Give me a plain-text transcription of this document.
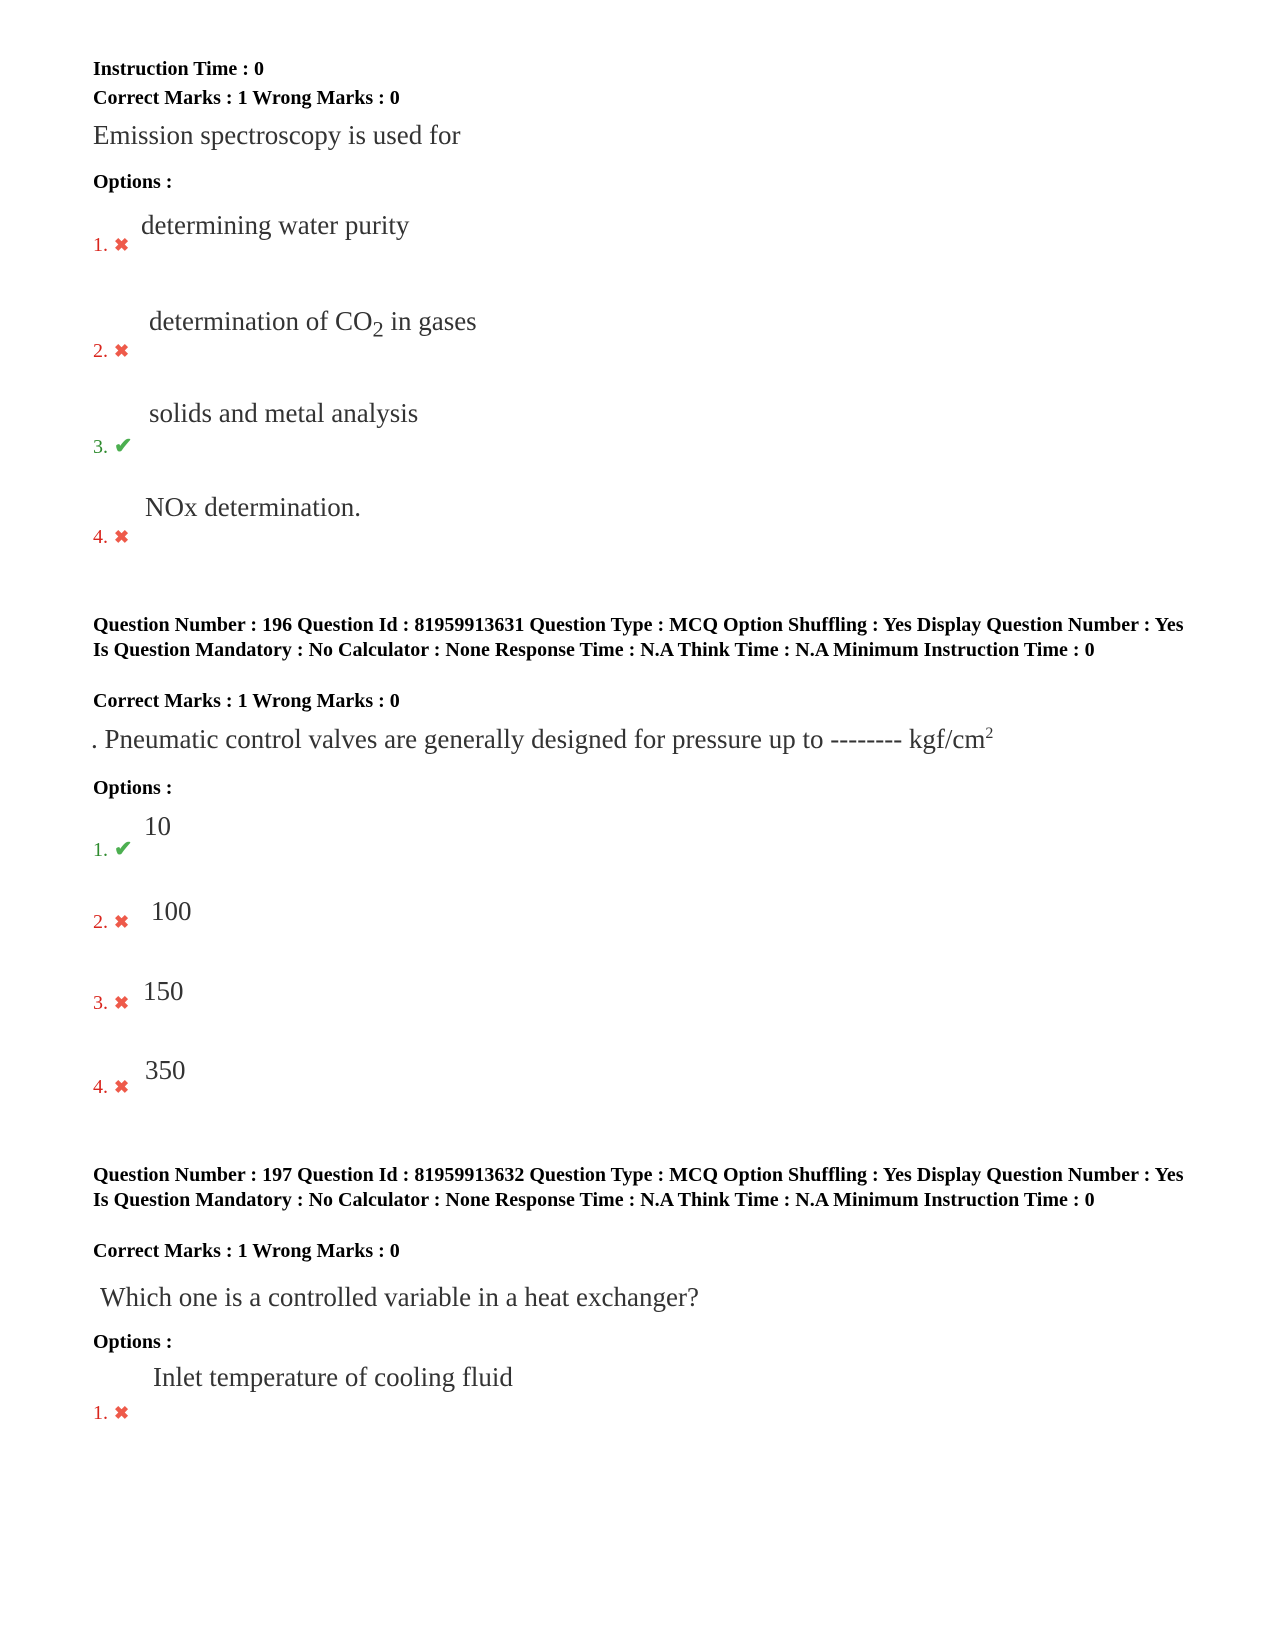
Instruction Time : 0
Correct Marks : 1 Wrong Marks : 0
Emission spectroscopy is used for
Options :
1. ✖
determining water purity
2. ✖
determination of $CO_2$ in gases
3. ✔
solids and metal analysis
4. ✖
NOx determination.
Question Number : 196 Question Id : 81959913631 Question Type : MCQ Option Shuffling : Yes Display Question Number : Yes Is Question Mandatory : No Calculator : None Response Time : N.A Think Time : N.A Minimum Instruction Time : 0
Correct Marks : 1 Wrong Marks : 0
. Pneumatic control valves are generally designed for pressure up to -------- kgf/$cm^2$
Options :
1. ✔
10
2. ✖ 100
3. ✖ 150
4. ✖
350
Question Number : 197 Question Id : 81959913632 Question Type : MCQ Option Shuffling : Yes Display Question Number : Yes Is Question Mandatory : No Calculator : None Response Time : N.A Think Time : N.A Minimum Instruction Time : 0
Correct Marks : 1 Wrong Marks : 0
Which one is a controlled variable in a heat exchanger?
Options :
1. ✖
Inlet temperature of cooling fluid
